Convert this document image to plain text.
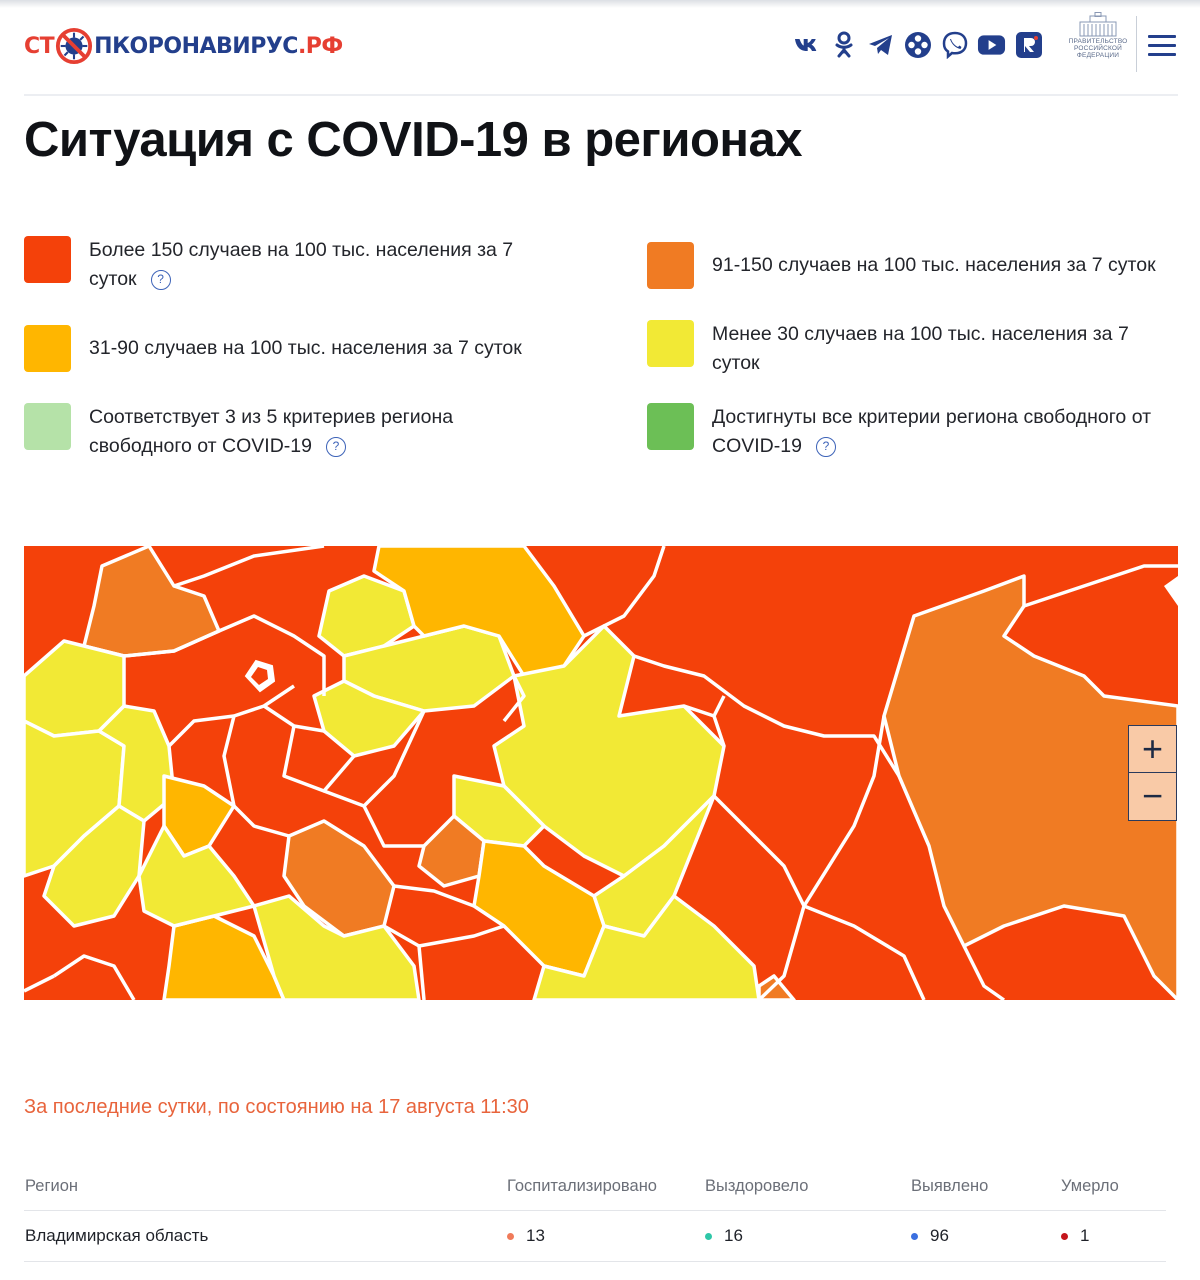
СТ ПКОРОНАВИРУС .РФ	ПРАВИТЕЛЬСТВО
РОССИЙСКОЙ
ФЕДЕРАЦИИ
Ситуация с COVID-19 в регионах
Более 150 случаев на 100 тыс. населения за 7 суток ?
91-150 случаев на 100 тыс. населения за 7 суток
31-90 случаев на 100 тыс. населения за 7 суток
Менее 30 случаев на 100 тыс. населения за 7 суток
Соответствует 3 из 5 критериев региона свободного от COVID-19 ?
Достигнуты все критерии региона свободного от COVID-19 ?
+
−
За последние сутки, по состоянию на 17 августа 11:30
Регион	Госпитализировано	Выздоровело	Выявлено	Умерло
Владимирская область	13	16	96	1
